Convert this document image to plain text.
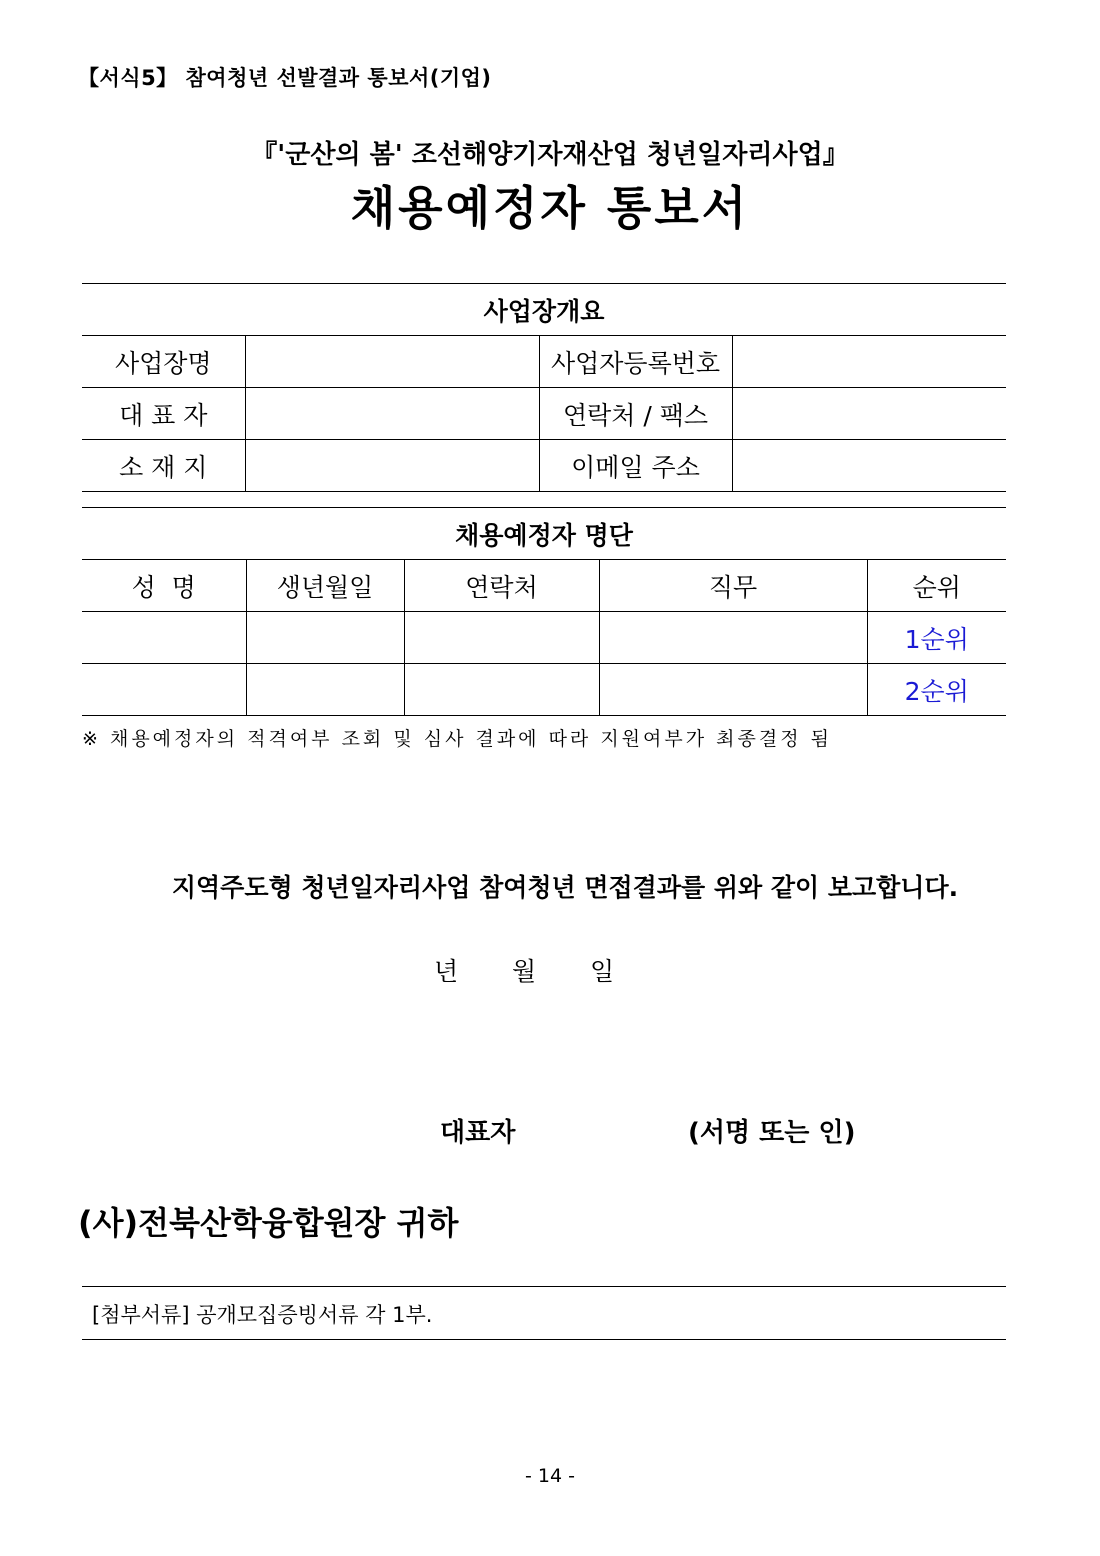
【서식5】 참여청년 선발결과 통보서(기업)
『'군산의 봄' 조선해양기자재산업 청년일자리사업』
채용예정자 통보서
사업장개요			
사업장명		사업자등록번호	
대 표 자		연락처 / 팩스	
소 재 지		이메일 주소	
채용예정자 명단				
성  명	생년월일	연락처	직무	순위
				1순위
				2순위
※ 채용예정자의 적격여부 조회 및 심사 결과에 따라 지원여부가 최종결정 됨
지역주도형 청년일자리사업 참여청년 면접결과를 위와 같이 보고합니다.
년 월 일
대표자	(서명 또는 인)
(사)전북산학융합원장 귀하
[첨부서류] 공개모집증빙서류 각 1부.
- 14 -
